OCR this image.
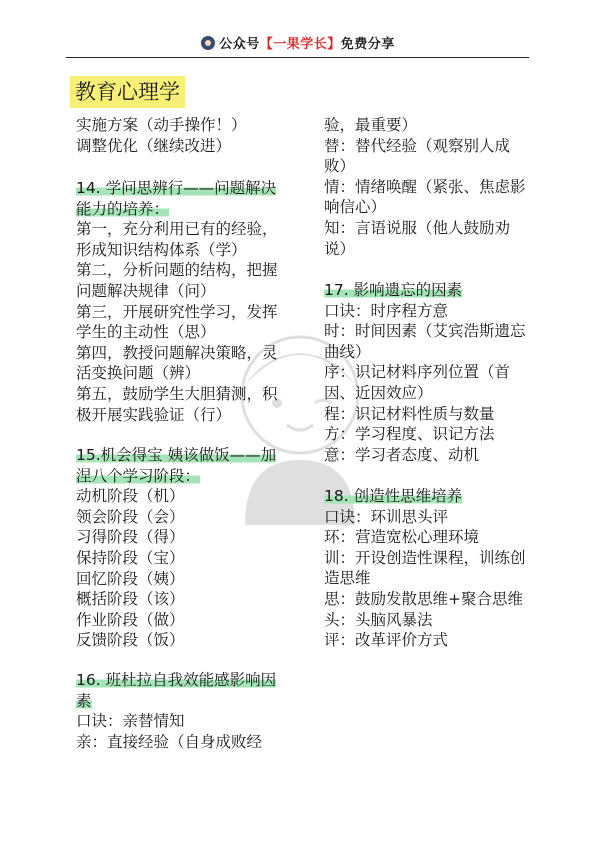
公众号【一果学长】免费分享
教育心理学
实施方案（动手操作！）
调整优化（继续改进）
14. 学问思辨行——问题解决
能力的培养：
第一，充分利用已有的经验，
形成知识结构体系（学）
第二，分析问题的结构，把握
问题解决规律（问）
第三，开展研究性学习，发挥
学生的主动性（思）
第四，教授问题解决策略，灵
活变换问题（辨）
第五，鼓励学生大胆猜测，积
极开展实践验证（行）
15.机会得宝 姨该做饭——加
涅八个学习阶段：
动机阶段（机）
领会阶段（会）
习得阶段（得）
保持阶段（宝）
回忆阶段（姨）
概括阶段（该）
作业阶段（做）
反馈阶段（饭）
16. 班杜拉自我效能感影响因
素
口诀：亲替情知
亲：直接经验（自身成败经
验，最重要）
替：替代经验（观察别人成
败）
情：情绪唤醒（紧张、焦虑影
响信心）
知：言语说服（他人鼓励劝
说）
17. 影响遗忘的因素
口诀：时序程方意
时：时间因素（艾宾浩斯遗忘
曲线）
序：识记材料序列位置（首
因、近因效应）
程：识记材料性质与数量
方：学习程度、识记方法
意：学习者态度、动机
18. 创造性思维培养
口诀：环训思头评
环：营造宽松心理环境
训：开设创造性课程，训练创
造思维
思：鼓励发散思维+聚合思维
头：头脑风暴法
评：改革评价方式
